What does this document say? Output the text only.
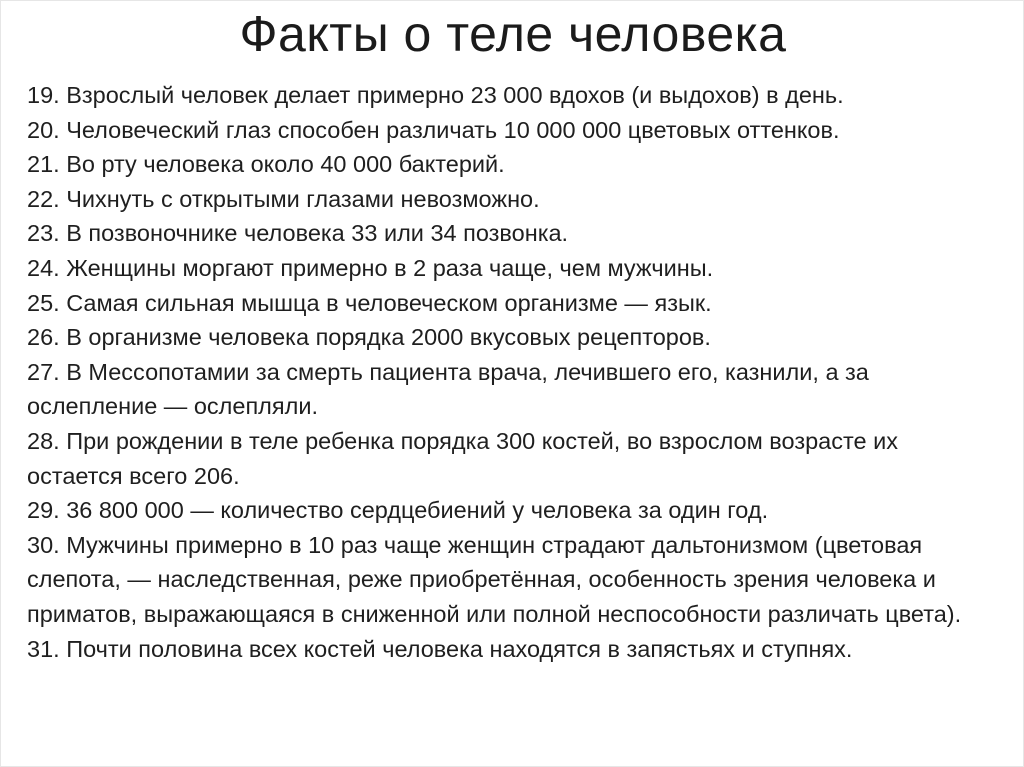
Факты о теле человека
19. Взрослый человек делает примерно 23 000 вдохов (и выдохов) в день.
20. Человеческий глаз способен различать 10 000 000 цветовых оттенков.
21. Во рту человека около 40 000 бактерий.
22. Чихнуть с открытыми глазами невозможно.
23. В позвоночнике человека 33 или 34 позвонка.
24. Женщины моргают примерно в 2 раза чаще, чем мужчины.
25. Самая сильная мышца в человеческом организме — язык.
26. В организме человека порядка 2000 вкусовых рецепторов.
27. В Мессопотамии за смерть пациента врача, лечившего его, казнили, а за ослепление — ослепляли.
28. При рождении в теле ребенка порядка 300 костей, во взрослом возрасте их остается всего 206.
29. 36 800 000 — количество сердцебиений у человека за один год.
30. Мужчины примерно в 10 раз чаще женщин страдают дальтонизмом (цветовая слепота, — наследственная, реже приобретённая, особенность зрения человека и приматов, выражающаяся в сниженной или полной неспособности различать цвета).
31. Почти половина всех костей человека находятся в запястьях и ступнях.
